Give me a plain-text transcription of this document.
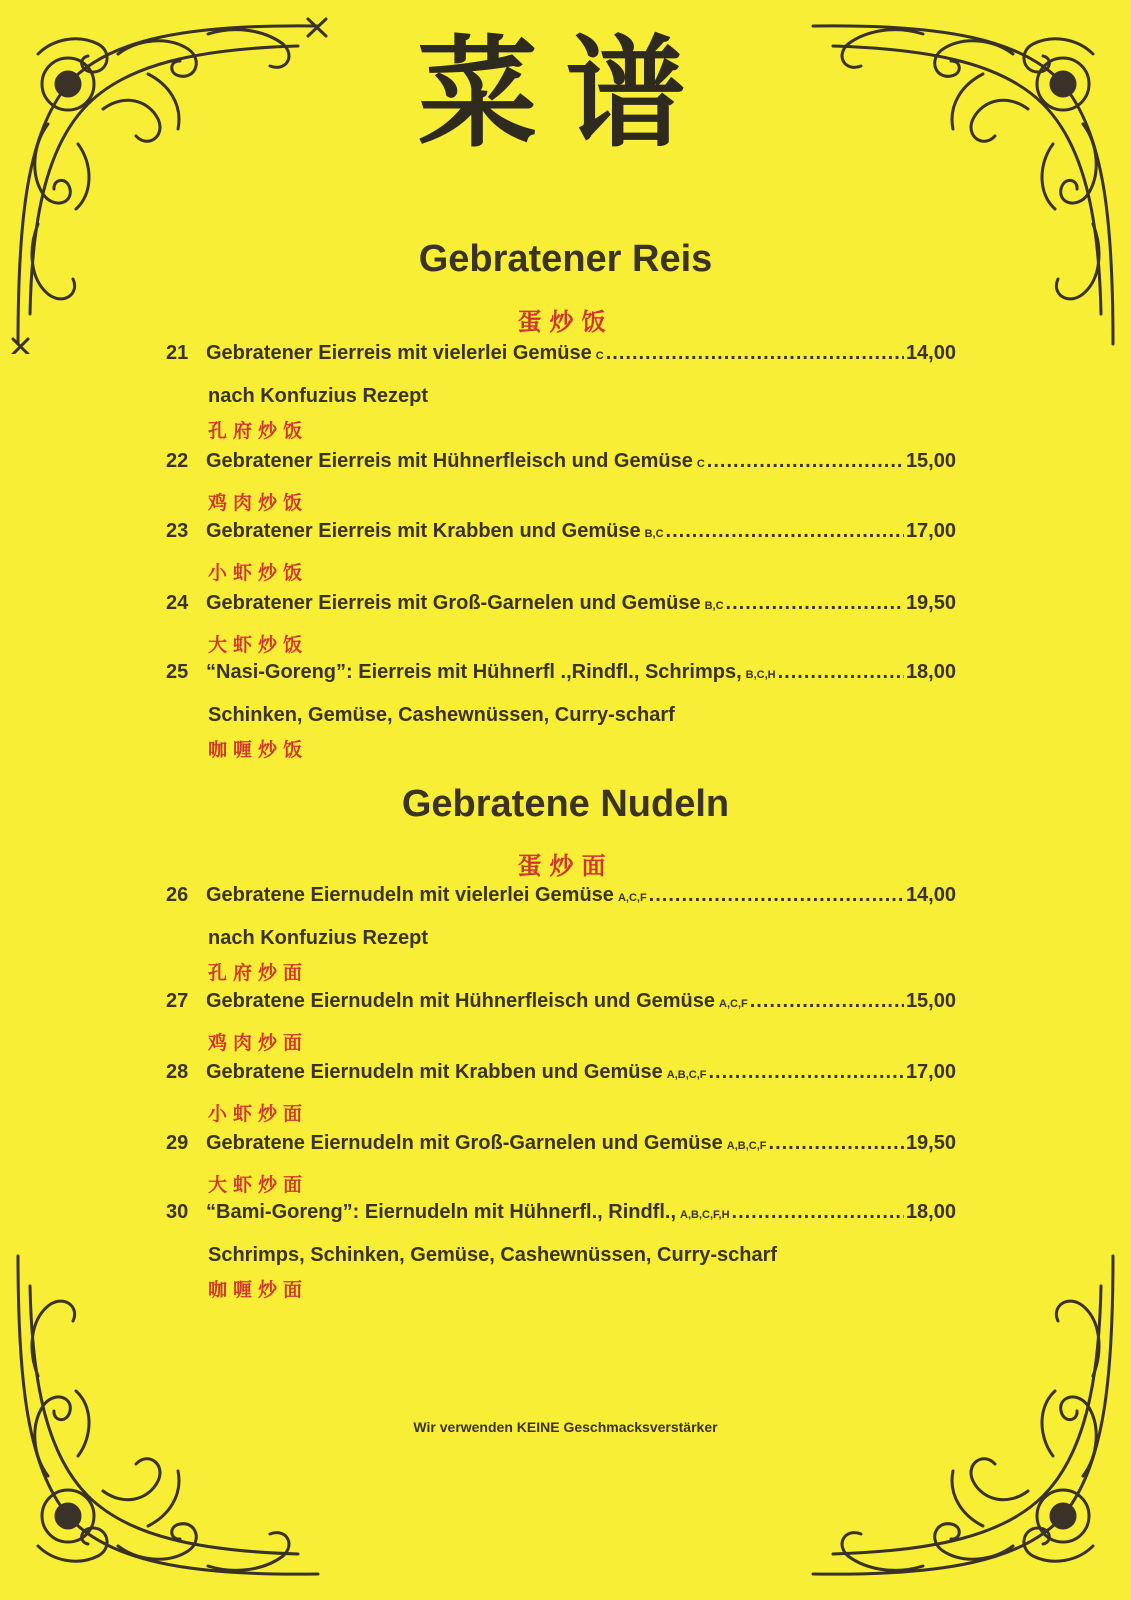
菜谱
Gebratener Reis
蛋炒饭
21 Gebratener Eierreis mit vielerlei Gemüse C .....	14,00
nach Konfuzius Rezept
孔府炒饭
22 Gebratener Eierreis mit Hühnerfleisch und Gemüse C .....	15,00
鸡肉炒饭
23 Gebratener Eierreis mit Krabben und Gemüse B,C .....	17,00
小虾炒饭
24 Gebratener Eierreis mit Groß-Garnelen und Gemüse B,C .....	19,50
大虾炒饭
25 “Nasi-Goreng”: Eierreis mit Hühnerfl .,Rindfl., Schrimps, B,C,H .....	18,00
Schinken, Gemüse, Cashewnüssen, Curry-scharf
咖喱炒饭
Gebratene Nudeln
蛋炒面
26 Gebratene Eiernudeln mit vielerlei Gemüse A,C,F .....	14,00
nach Konfuzius Rezept
孔府炒面
27 Gebratene Eiernudeln mit Hühnerfleisch und Gemüse A,C,F .....	15,00
鸡肉炒面
28 Gebratene Eiernudeln mit Krabben und Gemüse A,B,C,F .....	17,00
小虾炒面
29 Gebratene Eiernudeln mit Groß-Garnelen und Gemüse A,B,C,F .....	19,50
大虾炒面
30 “Bami-Goreng”: Eiernudeln mit Hühnerfl., Rindfl., A,B,C,F,H .....	18,00
Schrimps, Schinken, Gemüse, Cashewnüssen, Curry-scharf
咖喱炒面
Wir verwenden KEINE Geschmacksverstärker
